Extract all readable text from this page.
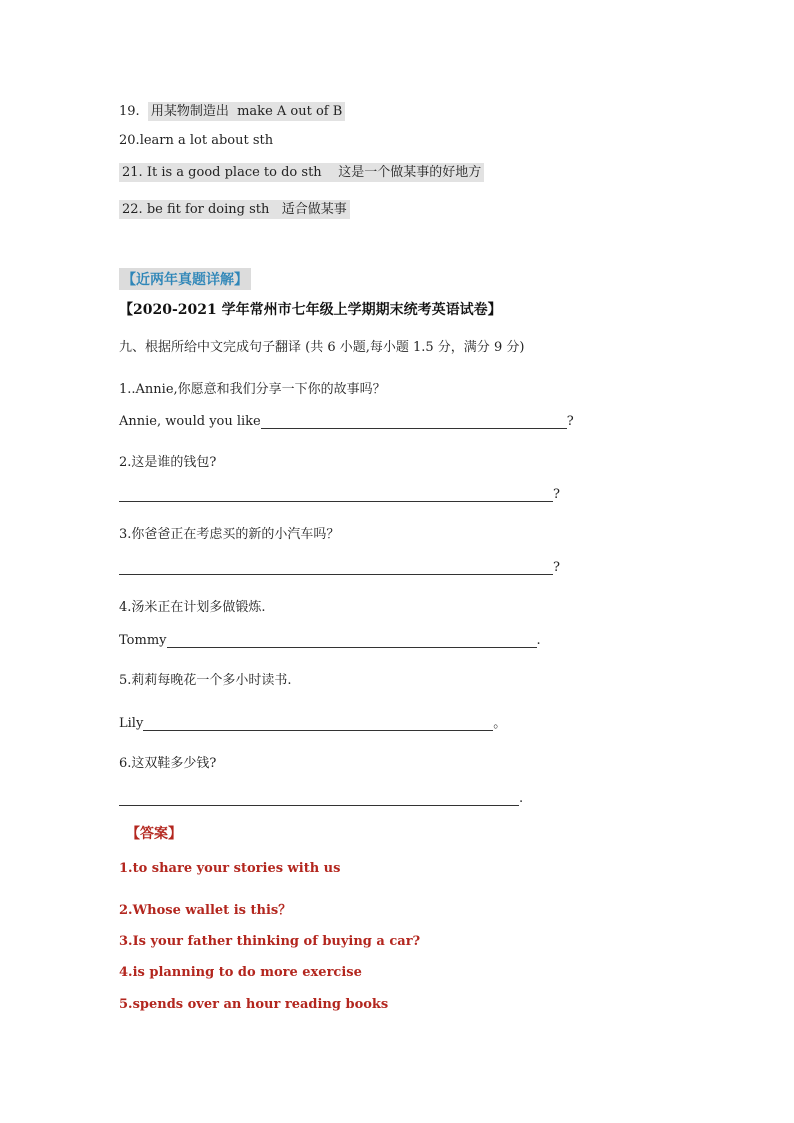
19. 用某物制造出 make A out of B
20.learn a lot about sth
21. It is a good place to do sth 这是一个做某事的好地方
22. be fit for doing sth 适合做某事
【近两年真题详解】
【2020-2021 学年常州市七年级上学期期末统考英语试卷】
九、根据所给中文完成句子翻译 (共 6 小题,每小题 1.5 分，满分 9 分)
1..Annie,你愿意和我们分享一下你的故事吗？
Annie, would you like	?
2.这是谁的钱包?
?
3.你爸爸正在考虑买的新的小汽车吗？
?
4.汤米正在计划多做锻炼.
Tommy	.
5.莉莉每晚花一个多小时读书.
Lily	。
6.这双鞋多少钱?
.
【答案】
1.to share your stories with us
2.Whose wallet is this？
3.Is your father thinking of buying a car?
4.is planning to do more exercise
5.spends over an hour reading books
